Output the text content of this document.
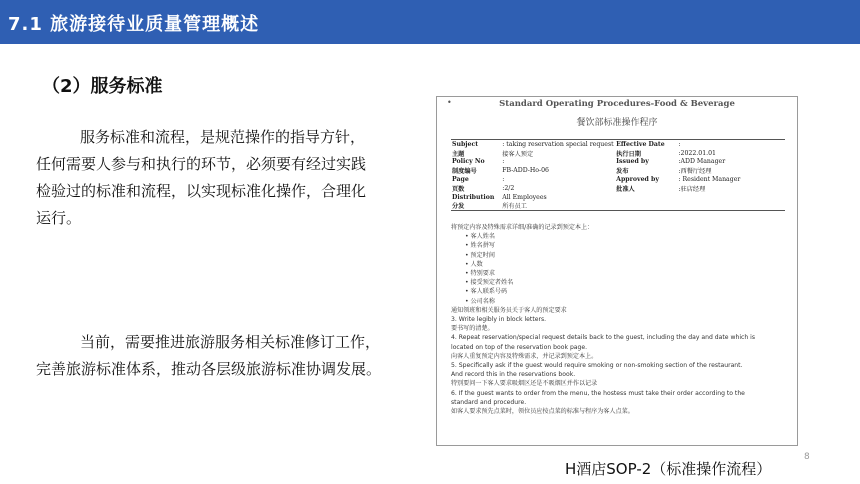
7.1 旅游接待业质量管理概述
（2）服务标准

服务标准和流程，是规范操作的指导方针，

任何需要人参与和执行的环节，必须要有经过实践

检验过的标准和流程，以实现标准化操作，合理化

运行。

当前，需要推进旅游服务相关标准修订工作，

完善旅游标准体系，推动各层级旅游标准协调发展。

•	Standard Operating Procedures-Food & Beverage
餐饮部标准操作程序
Subject	: taking reservation special request	Effective Date	:
主题	接客人预定	执行日期	:2022.01.01
Policy No	:	Issued by	:ADD Manager
制度编号	FB-ADD-Ho-06	发布	:西餐厅经理
Page	:	Approved by	: Resident Manager
页数	:2/2	批准人	:驻店经理
Distribution	All Employees		
分发	所有员工		
将预定内容及特殊需求详细/准确的记录到预定本上：
• 客人姓名
• 姓名拼写
• 预定时间
• 人数
• 特别要求
• 接受预定者姓名
• 客人联系号码
• 公司名称
通知领班和相关服务员关于客人的预定要求
3. Write legibly in block letters.
要书写的清楚。
4. Repeat reservation/special request details back to the guest, including the day and date which is
located on top of the reservation book page.
向客人重复预定内容及特殊需求，并记录到预定本上。
5. Specifically ask if the guest would require smoking or non-smoking section of the restaurant.
And record this in the reservations book.
特别要问一下客人要求吸烟区还是不吸烟区并作以记录
6. If the guest wants to order from the menu, the hostess must take their order according to the
standard and procedure.
如客人要求预先点菜时，领位员应按点菜的标准与程序为客人点菜。
H酒店SOP-2（标准操作流程）
8
